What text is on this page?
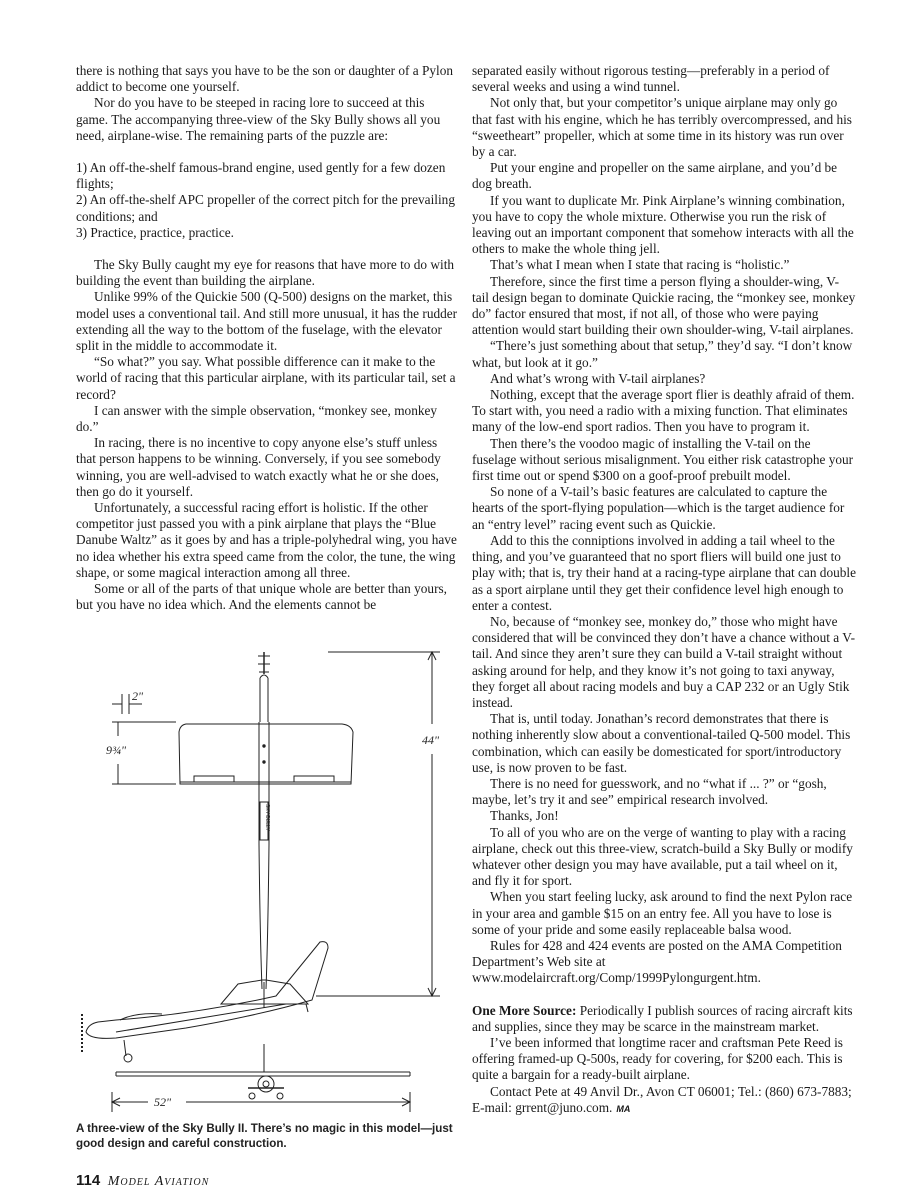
there is nothing that says you have to be the son or daughter of a Pylon addict to become one yourself.

Nor do you have to be steeped in racing lore to succeed at this game. The accompanying three-view of the Sky Bully shows all you need, airplane-wise. The remaining parts of the puzzle are:

1) An off-the-shelf famous-brand engine, used gently for a few dozen flights;

2) An off-the-shelf APC propeller of the correct pitch for the prevailing conditions; and

3) Practice, practice, practice.

The Sky Bully caught my eye for reasons that have more to do with building the event than building the airplane.

Unlike 99% of the Quickie 500 (Q-500) designs on the market, this model uses a conventional tail. And still more unusual, it has the rudder extending all the way to the bottom of the fuselage, with the elevator split in the middle to accommodate it.

“So what?” you say. What possible difference can it make to the world of racing that this particular airplane, with its particular tail, set a record?

I can answer with the simple observation, “monkey see, monkey do.”

In racing, there is no incentive to copy anyone else’s stuff unless that person happens to be winning. Conversely, if you see somebody winning, you are well-advised to watch exactly what he or she does, then go do it yourself.

Unfortunately, a successful racing effort is holistic. If the other competitor just passed you with a pink airplane that plays the “Blue Danube Waltz” as it goes by and has a triple-polyhedral wing, you have no idea whether his extra speed came from the color, the tune, the wing shape, or some magical interaction among all three.

Some or all of the parts of that unique whole are better than yours, but you have no idea which. And the elements cannot be

2"
9¾"
44"
52"
SKY BULLY
A three-view of the Sky Bully II. There’s no magic in this model—just good design and careful construction.

separated easily without rigorous testing—preferably in a period of several weeks and using a wind tunnel.

Not only that, but your competitor’s unique airplane may only go that fast with his engine, which he has terribly overcompressed, and his “sweetheart” propeller, which at some time in its history was run over by a car.

Put your engine and propeller on the same airplane, and you’d be dog breath.

If you want to duplicate Mr. Pink Airplane’s winning combination, you have to copy the whole mixture. Otherwise you run the risk of leaving out an important component that somehow interacts with all the others to make the whole thing jell.

That’s what I mean when I state that racing is “holistic.”

Therefore, since the first time a person flying a shoulder-wing, V-tail design began to dominate Quickie racing, the “monkey see, monkey do” factor ensured that most, if not all, of those who were paying attention would start building their own shoulder-wing, V-tail airplanes.

“There’s just something about that setup,” they’d say. “I don’t know what, but look at it go.”

And what’s wrong with V-tail airplanes?

Nothing, except that the average sport flier is deathly afraid of them. To start with, you need a radio with a mixing function. That eliminates many of the low-end sport radios. Then you have to program it.

Then there’s the voodoo magic of installing the V-tail on the fuselage without serious misalignment. You either risk catastrophe your first time out or spend $300 on a goof-proof prebuilt model.

So none of a V-tail’s basic features are calculated to capture the hearts of the sport-flying population—which is the target audience for an “entry level” racing event such as Quickie.

Add to this the conniptions involved in adding a tail wheel to the thing, and you’ve guaranteed that no sport fliers will build one just to play with; that is, try their hand at a racing-type airplane that can double as a sport airplane until they get their confidence level high enough to enter a contest.

No, because of “monkey see, monkey do,” those who might have considered that will be convinced they don’t have a chance without a V-tail. And since they aren’t sure they can build a V-tail straight without asking around for help, and they know it’s not going to taxi anyway, they forget all about racing models and buy a CAP 232 or an Ugly Stik instead.

That is, until today. Jonathan’s record demonstrates that there is nothing inherently slow about a conventional-tailed Q-500 model. This combination, which can easily be domesticated for sport/introductory use, is now proven to be fast.

There is no need for guesswork, and no “what if ... ?” or “gosh, maybe, let’s try it and see” empirical research involved.

Thanks, Jon!

To all of you who are on the verge of wanting to play with a racing airplane, check out this three-view, scratch-build a Sky Bully or modify whatever other design you may have available, put a tail wheel on it, and fly it for sport.

When you start feeling lucky, ask around to find the next Pylon race in your area and gamble $15 on an entry fee. All you have to lose is some of your pride and some easily replaceable balsa wood.

Rules for 428 and 424 events are posted on the AMA Competition Department’s Web site at www.modelaircraft.org/Comp/1999Pylongurgent.htm.

One More Source: Periodically I publish sources of racing aircraft kits and supplies, since they may be scarce in the mainstream market.

I’ve been informed that longtime racer and craftsman Pete Reed is offering framed-up Q-500s, ready for covering, for $200 each. This is quite a bargain for a ready-built airplane.

Contact Pete at 49 Anvil Dr., Avon CT 06001; Tel.: (860) 673-7883; E-mail: grrent@juno.com. MA

114 Model Aviation
